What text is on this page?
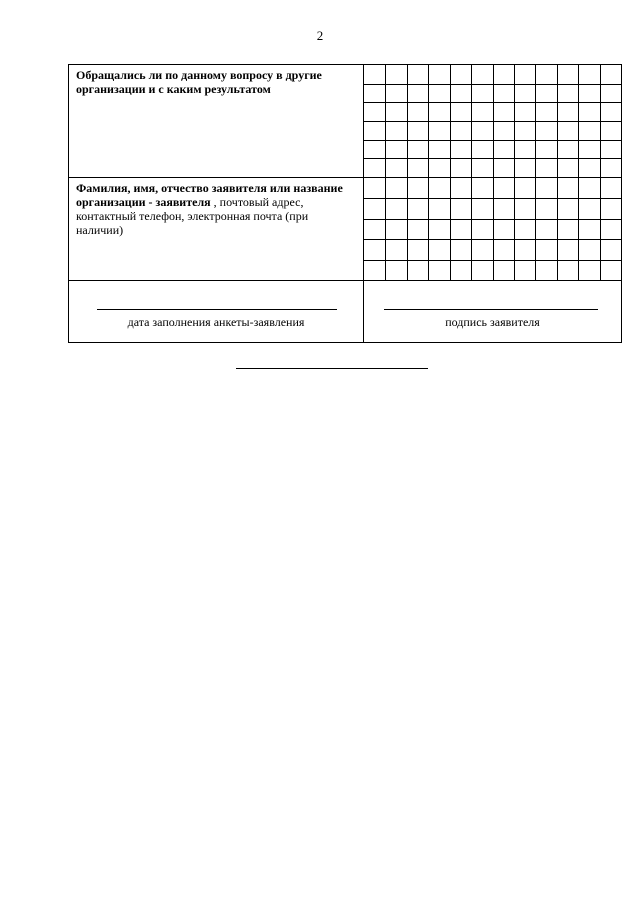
2
Обращались ли по данному вопросу в другие организации и с каким результатом
Фамилия, имя, отчество заявителя или название организации - заявителя , почтовый адрес, контактный телефон, электронная почта (при наличии)
дата заполнения анкеты-заявления	подпись заявителя
